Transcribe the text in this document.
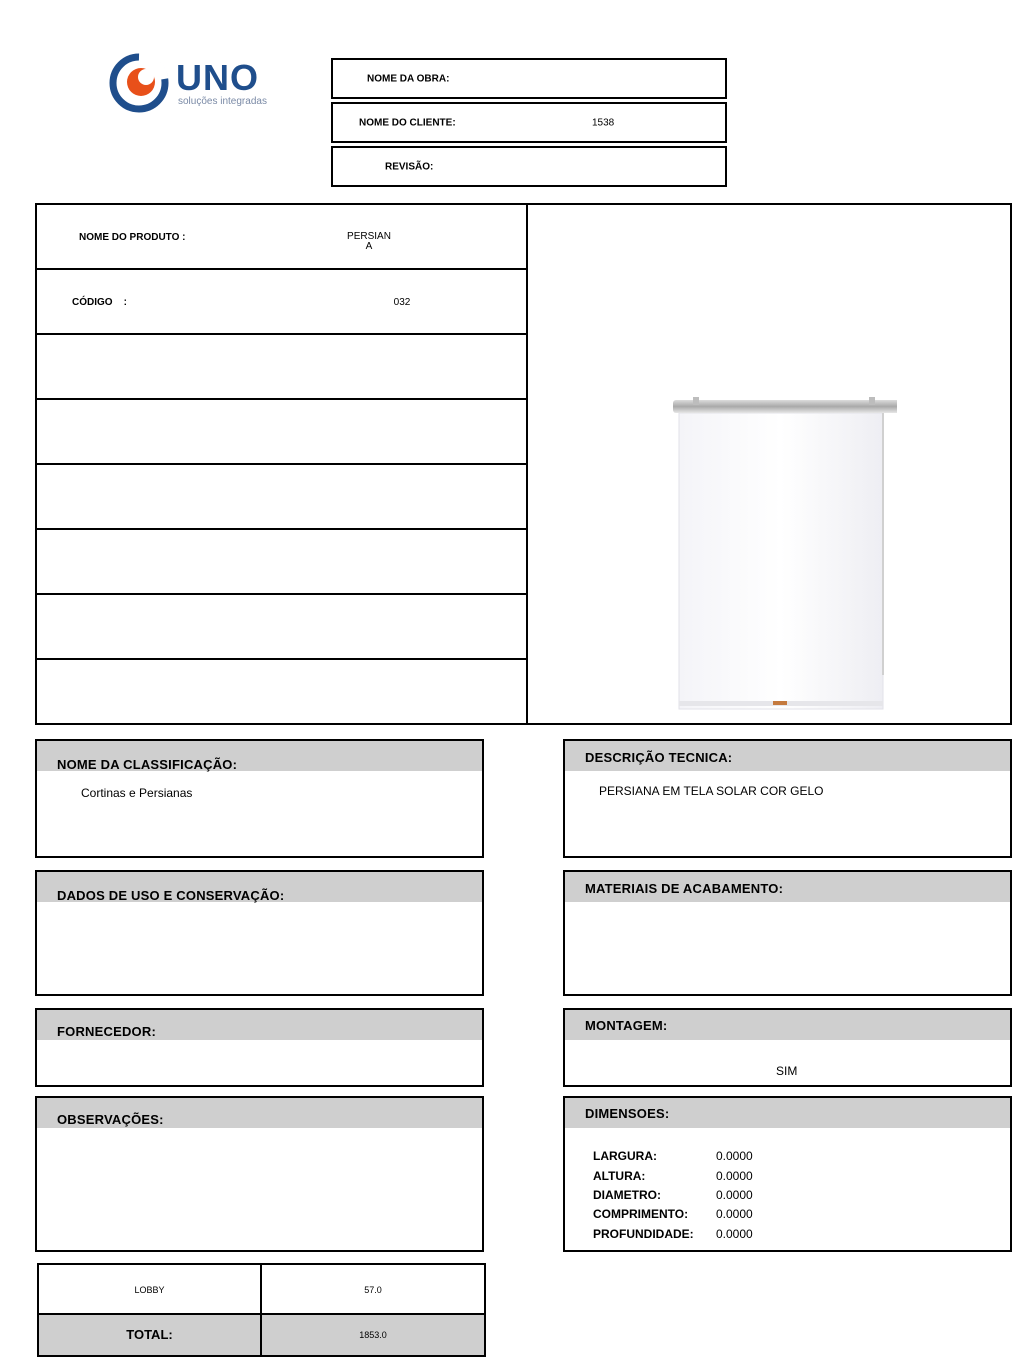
UNO
soluções integradas
NOME DA OBRA:
NOME DO CLIENTE:	1538
REVISÃO:
NOME DO PRODUTO :	PERSIAN
A
CÓDIGO    :	032
NOME DA CLASSIFICAÇÃO:
Cortinas e Persianas
DESCRIÇÃO TECNICA:
PERSIANA EM TELA SOLAR COR GELO
DADOS DE USO E CONSERVAÇÃO:	MATERIAIS DE ACABAMENTO:
FORNECEDOR:	MONTAGEM:
SIM
OBSERVAÇÕES:	DIMENSOES:
LARGURA:	0.0000
ALTURA:	0.0000
DIAMETRO:	0.0000
COMPRIMENTO: 0.0000
PROFUNDIDADE: 0.0000
LOBBY	57.0
TOTAL:	1853.0
